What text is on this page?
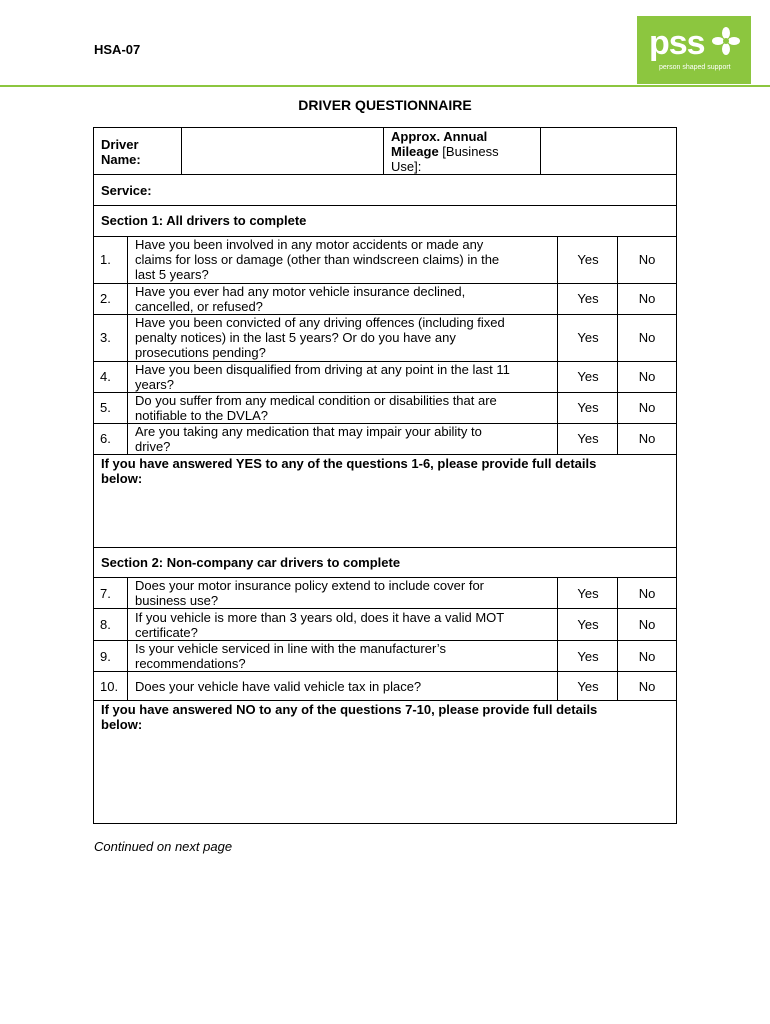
HSA-07	pss
person shaped support
DRIVER QUESTIONNAIRE
Driver
Name:
Approx. Annual
Mileage [Business
Use]:
Service:
Section 1: All drivers to complete
1.
Have you been involved in any motor accidents or made any
claims for loss or damage (other than windscreen claims) in the
last 5 years?
Yes	No
2. Have you ever had any motor vehicle insurance declined,
cancelled, or refused?
Yes	No
3.
Have you been convicted of any driving offences (including fixed
penalty notices) in the last 5 years? Or do you have any
prosecutions pending?
Yes	No
4. Have you been disqualified from driving at any point in the last 11
years?
Yes	No
5. Do you suffer from any medical condition or disabilities that are
notifiable to the DVLA?
Yes	No
6. Are you taking any medication that may impair your ability to
drive?
Yes	No
If you have answered YES to any of the questions 1-6, please provide full details
below:
Section 2: Non-company car drivers to complete
7.
Does your motor insurance policy extend to include cover for
business use?	Yes	No
8. If you vehicle is more than 3 years old, does it have a valid MOT
certificate?
Yes	No
9.
Is your vehicle serviced in line with the manufacturer’s
recommendations?	Yes	No
10. Does your vehicle have valid vehicle tax in place?	Yes	No
If you have answered NO to any of the questions 7-10, please provide full details
below:
Continued on next page
